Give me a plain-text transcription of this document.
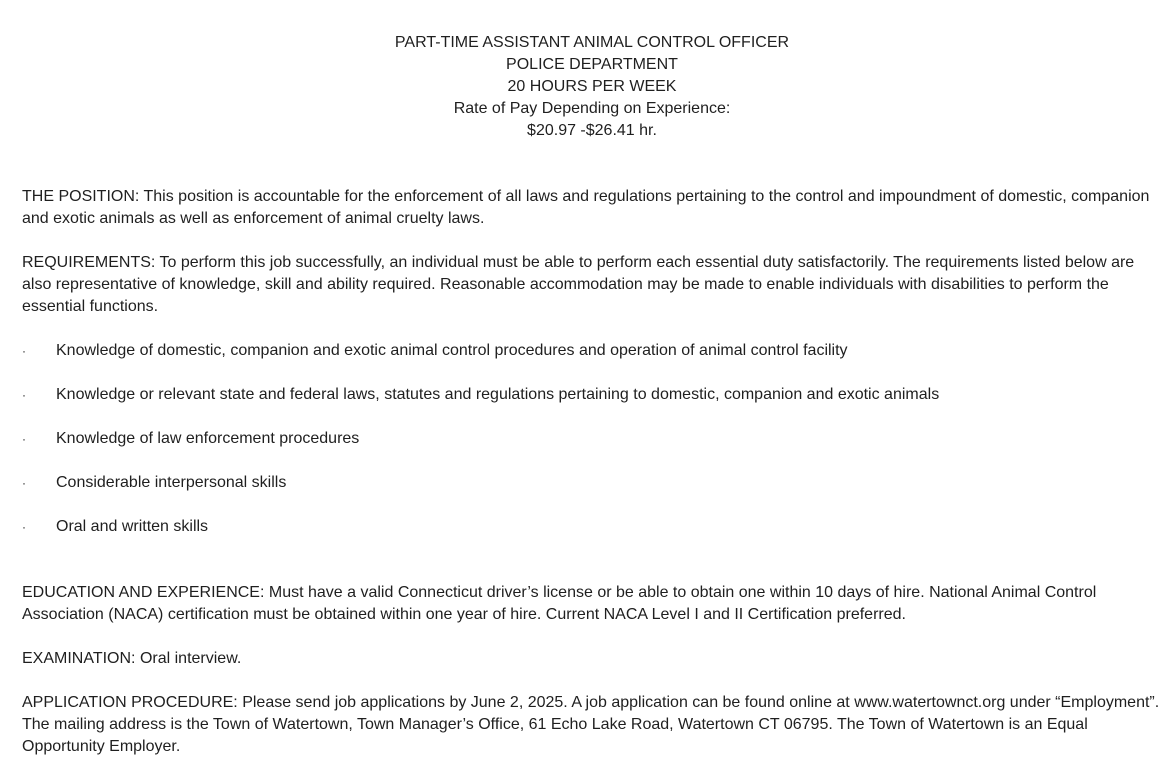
PART-TIME ASSISTANT ANIMAL CONTROL OFFICER
POLICE DEPARTMENT
20 HOURS PER WEEK
Rate of Pay Depending on Experience:
$20.97 -$26.41 hr.

THE POSITION: This position is accountable for the enforcement of all laws and regulations pertaining to the control and impoundment of domestic, companion and exotic animals as well as enforcement of animal cruelty laws.

REQUIREMENTS: To perform this job successfully, an individual must be able to perform each essential duty satisfactorily. The requirements listed below are also representative of knowledge, skill and ability required. Reasonable accommodation may be made to enable individuals with disabilities to perform the essential functions.

· Knowledge of domestic, companion and exotic animal control procedures and operation of animal control facility
· Knowledge or relevant state and federal laws, statutes and regulations pertaining to domestic, companion and exotic animals
· Knowledge of law enforcement procedures
· Considerable interpersonal skills
· Oral and written skills

EDUCATION AND EXPERIENCE: Must have a valid Connecticut driver’s license or be able to obtain one within 10 days of hire. National Animal Control Association (NACA) certification must be obtained within one year of hire. Current NACA Level I and II Certification preferred.

EXAMINATION: Oral interview.

APPLICATION PROCEDURE: Please send job applications by June 2, 2025. A job application can be found online at www.watertownct.org under “Employment”. The mailing address is the Town of Watertown, Town Manager’s Office, 61 Echo Lake Road, Watertown CT 06795. The Town of Watertown is an Equal Opportunity Employer.
